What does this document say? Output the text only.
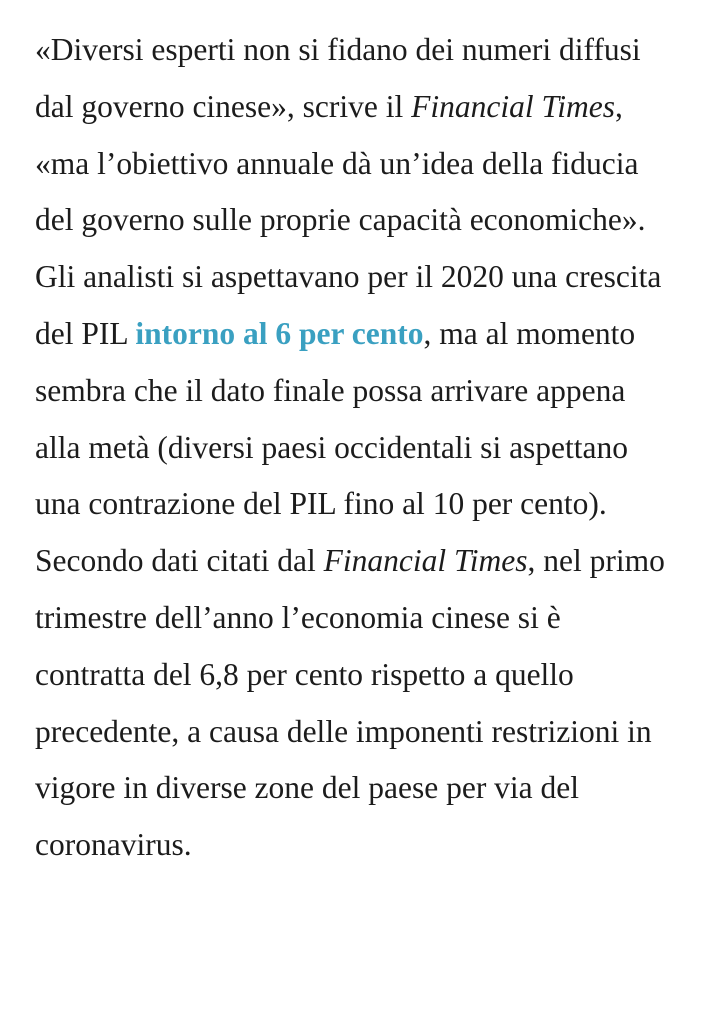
«Diversi esperti non si fidano dei numeri diffusi dal governo cinese», scrive il Financial Times, «ma l’obiettivo annuale dà un’idea della fiducia del governo sulle proprie capacità economiche». Gli analisti si aspettavano per il 2020 una crescita del PIL intorno al 6 per cento, ma al momento sembra che il dato finale possa arrivare appena alla metà (diversi paesi occidentali si aspettano una contrazione del PIL fino al 10 per cento). Secondo dati citati dal Financial Times, nel primo trimestre dell’anno l’economia cinese si è contratta del 6,8 per cento rispetto a quello precedente, a causa delle imponenti restrizioni in vigore in diverse zone del paese per via del coronavirus.
